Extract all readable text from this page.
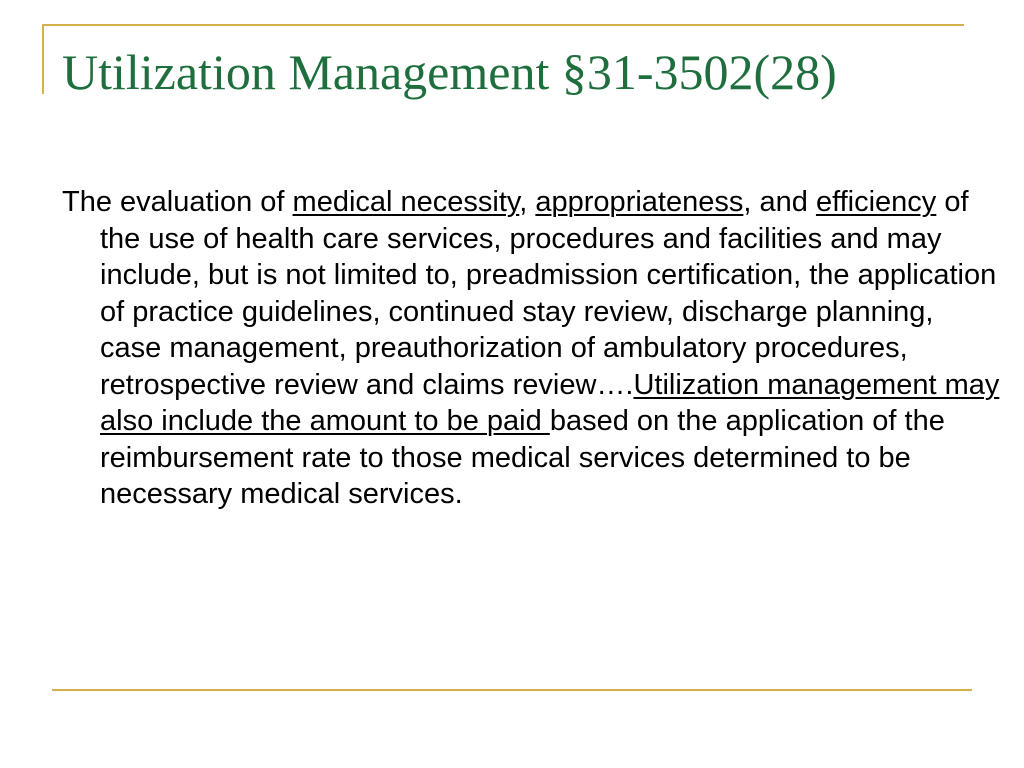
Utilization Management §31-3502(28)

The evaluation of medical necessity, appropriateness, and efficiency of the use of health care services, procedures and facilities and may include, but is not limited to, preadmission certification, the application of practice guidelines, continued stay review, discharge planning, case management, preauthorization of ambulatory procedures, retrospective review and claims review….Utilization management may also include the amount to be paid based on the application of the reimbursement rate to those medical services determined to be necessary medical services.
